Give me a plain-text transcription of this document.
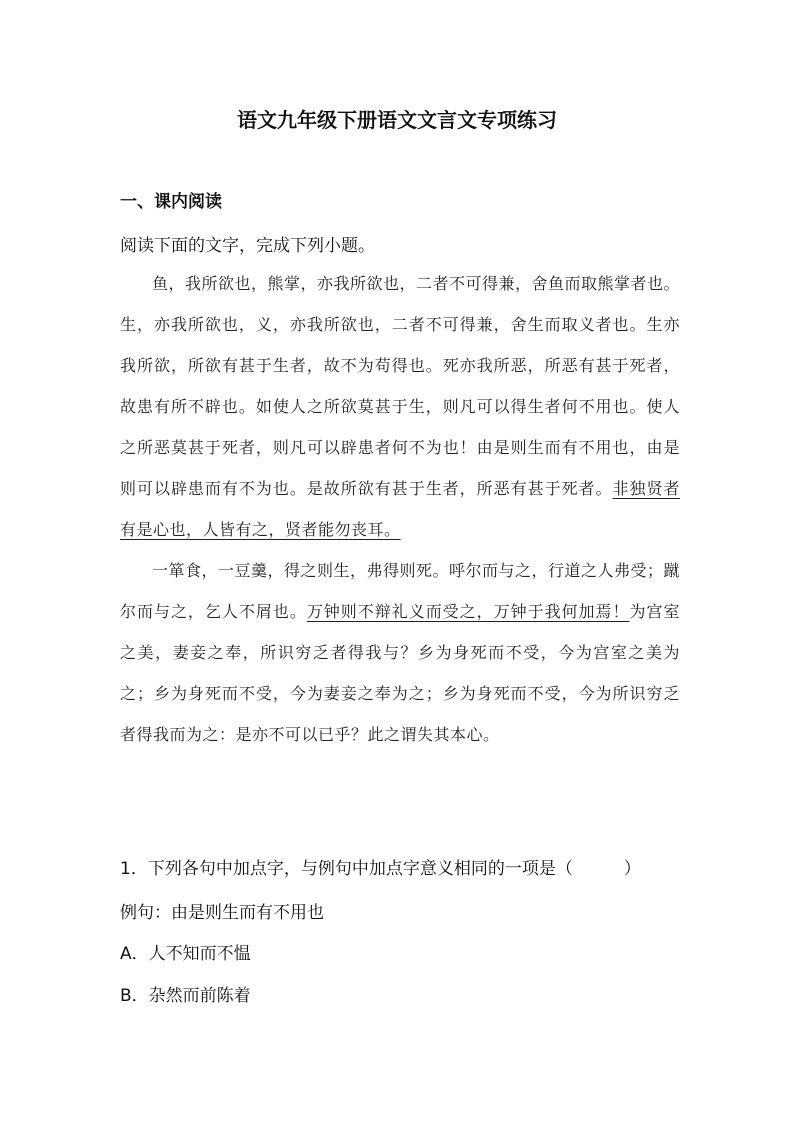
语文九年级下册语文文言文专项练习
一、课内阅读
阅读下面的文字，完成下列小题。

鱼，我所欲也，熊掌，亦我所欲也，二者不可得兼，舍鱼而取熊掌者也。生，亦我所欲也，义，亦我所欲也，二者不可得兼，舍生而取义者也。生亦我所欲，所欲有甚于生者，故不为苟得也。死亦我所恶，所恶有甚于死者，故患有所不辟也。如使人之所欲莫甚于生，则凡可以得生者何不用也。使人之所恶莫甚于死者，则凡可以辟患者何不为也！由是则生而有不用也，由是则可以辟患而有不为也。是故所欲有甚于生者，所恶有甚于死者。非独贤者有是心也，人皆有之，贤者能勿丧耳。

一箪食，一豆羹，得之则生，弗得则死。呼尔而与之，行道之人弗受；蹴尔而与之，乞人不屑也。万钟则不辩礼义而受之，万钟于我何加焉！为宫室之美，妻妾之奉，所识穷乏者得我与？乡为身死而不受，今为宫室之美为之；乡为身死而不受，今为妻妾之奉为之；乡为身死而不受，今为所识穷乏者得我而为之：是亦不可以已乎？此之谓失其本心。

1．下列各句中加点字，与例句中加点字意义相同的一项是（　　　）
例句：由是则生而有不用也
A．人不知而不愠
B．杂然而前陈着
